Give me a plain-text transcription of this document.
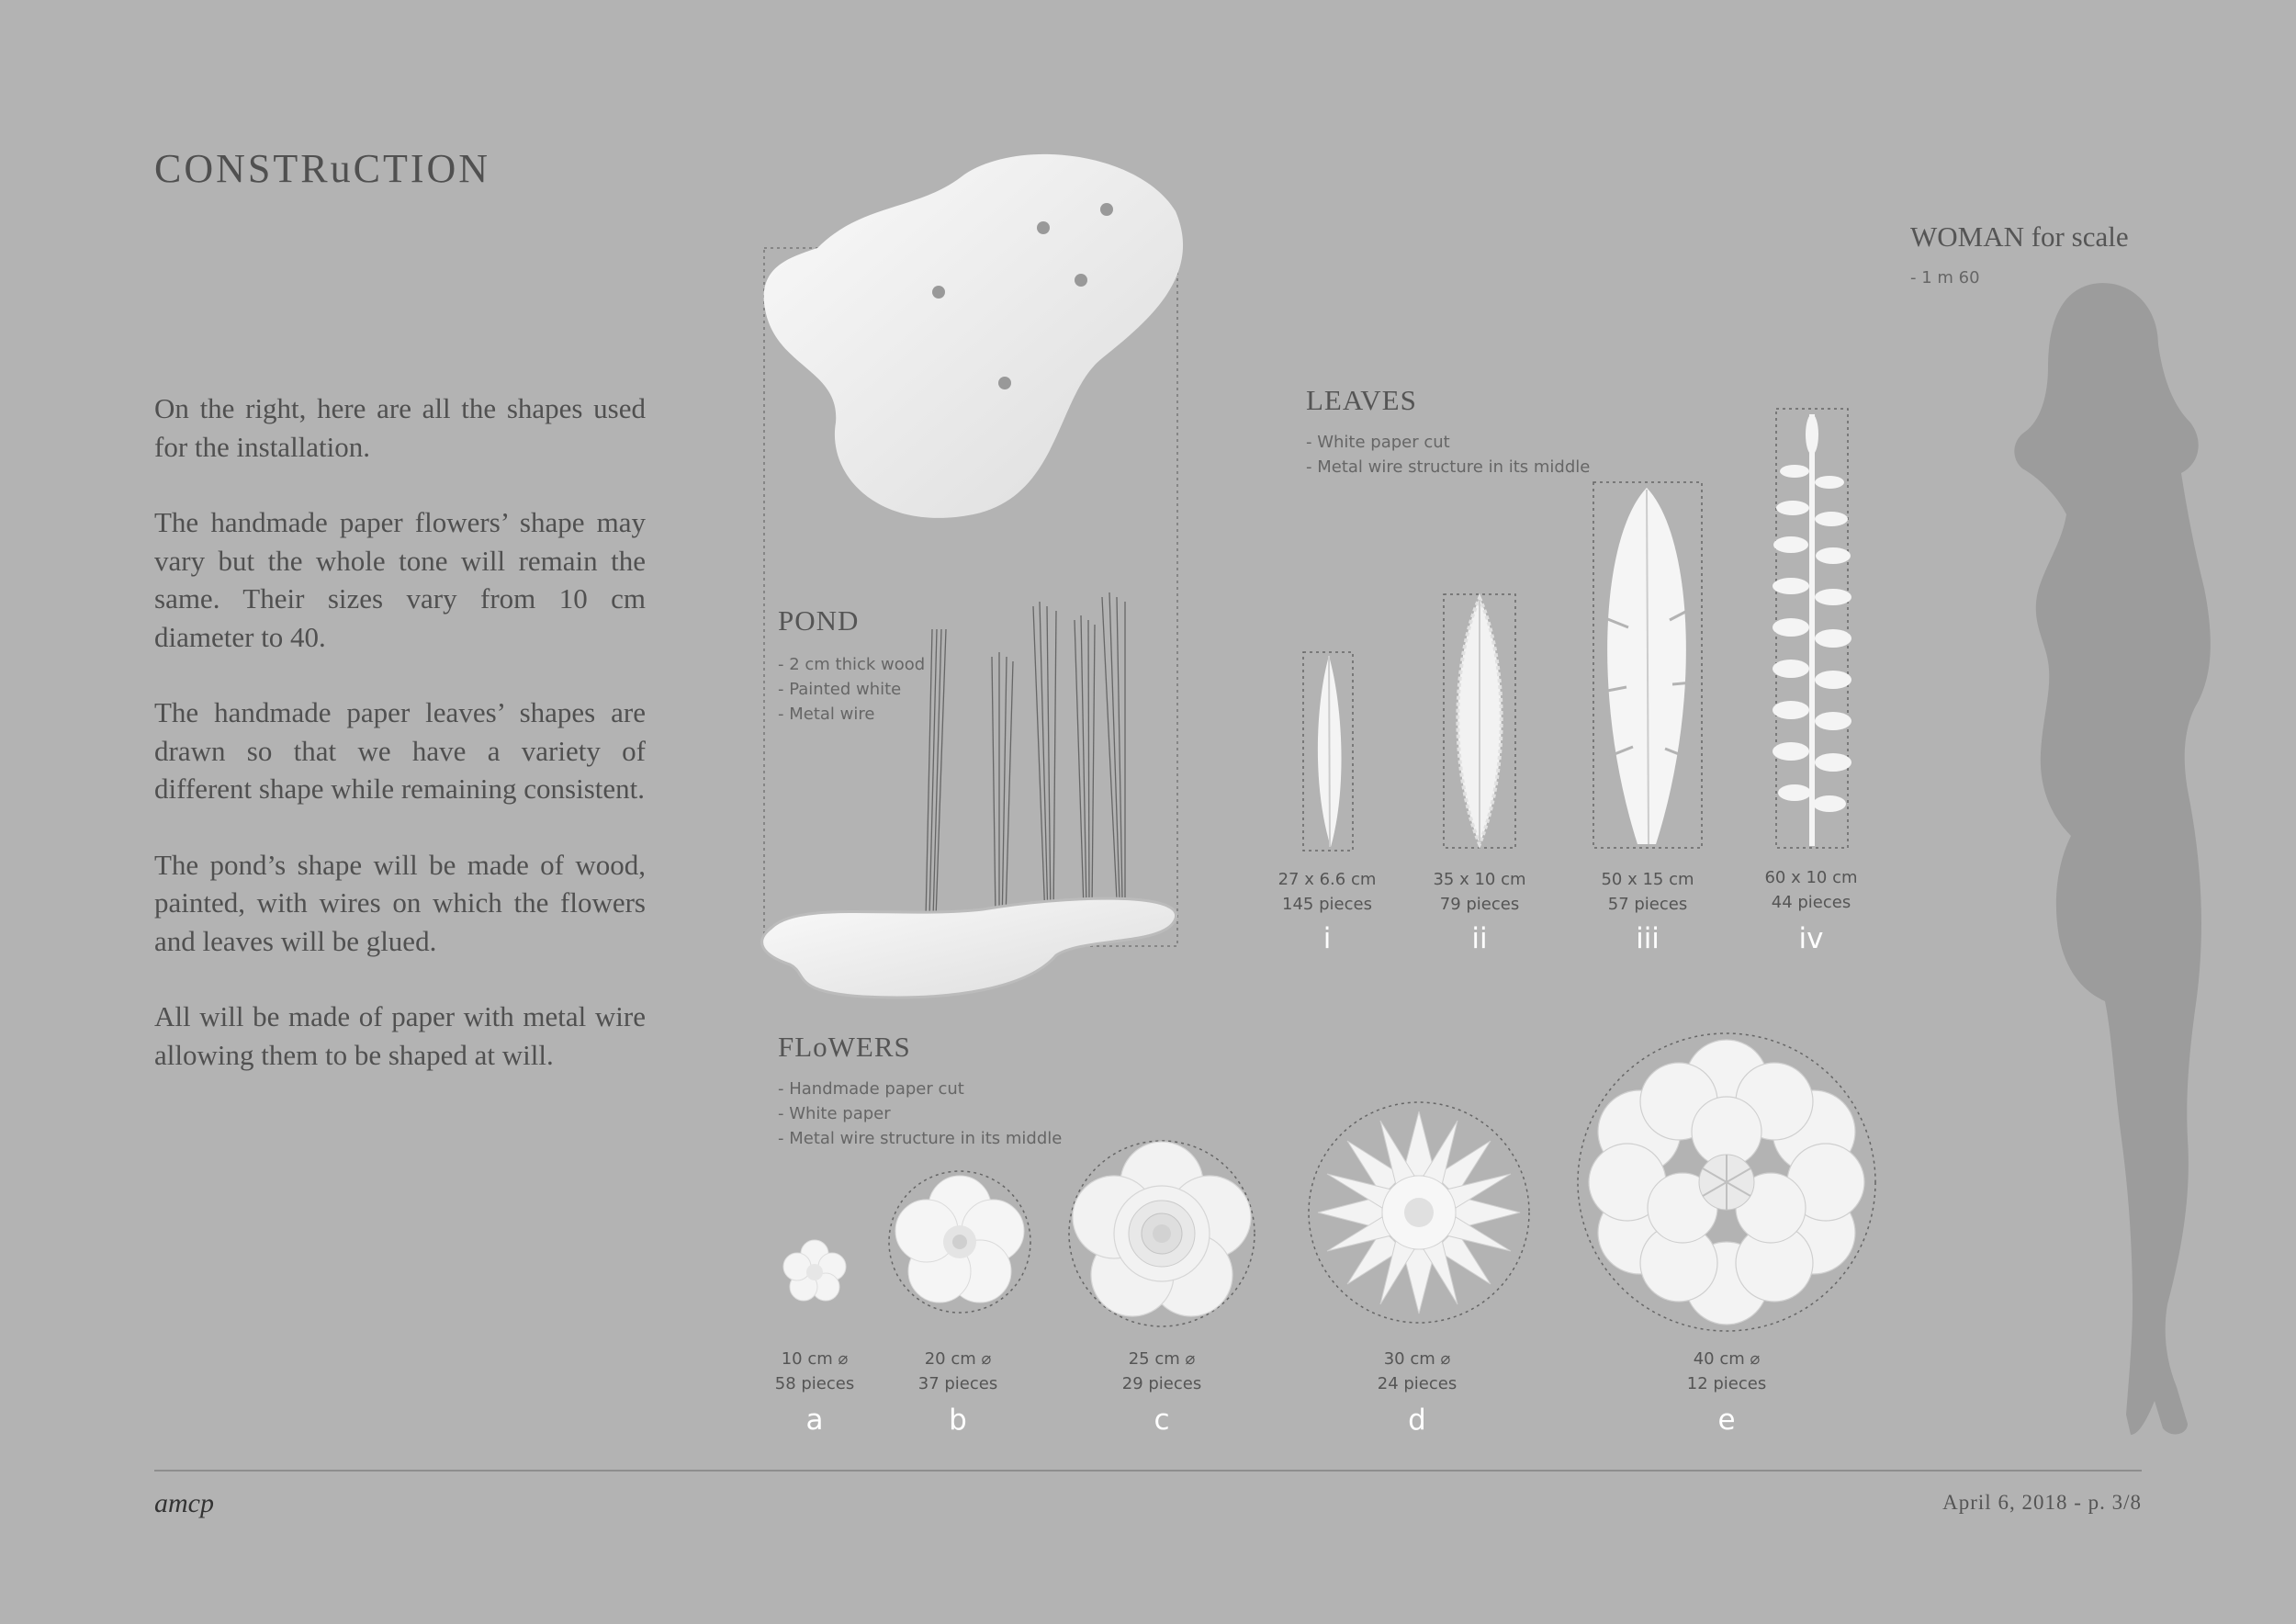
CONSTRuCTION

On the right, here are all the shapes used for the installation.

The handmade paper flowers’ shape may vary but the whole tone will remain the same. Their sizes vary from 10 cm diameter to 40.

The handmade paper leaves’ shapes are drawn so that we have a variety of different shape while remaining consistent.

The pond’s shape will be made of wood, painted, with wires on which the flowers and leaves will be glued.

All will be made of paper with metal wire allowing them to be shaped at will.

POND
- 2 cm thick wood
- Painted white
- Metal wire
LEAVES
- White paper cut
- Metal wire structure in its middle
27 x 6.6 cm
145 pieces
i
35 x 10 cm
79 pieces
ii
50 x 15 cm
57 pieces
iii
60 x 10 cm
44 pieces
iv
FLoWERS
- Handmade paper cut
- White paper
- Metal wire structure in its middle
10 cm ⌀
58 pieces
a
20 cm ⌀
37 pieces
b
25 cm ⌀
29 pieces
c
30 cm ⌀
24 pieces
d
40 cm ⌀
12 pieces
e
WOMAN for scale
- 1 m 60
amcp	April 6, 2018 - p. 3/8
